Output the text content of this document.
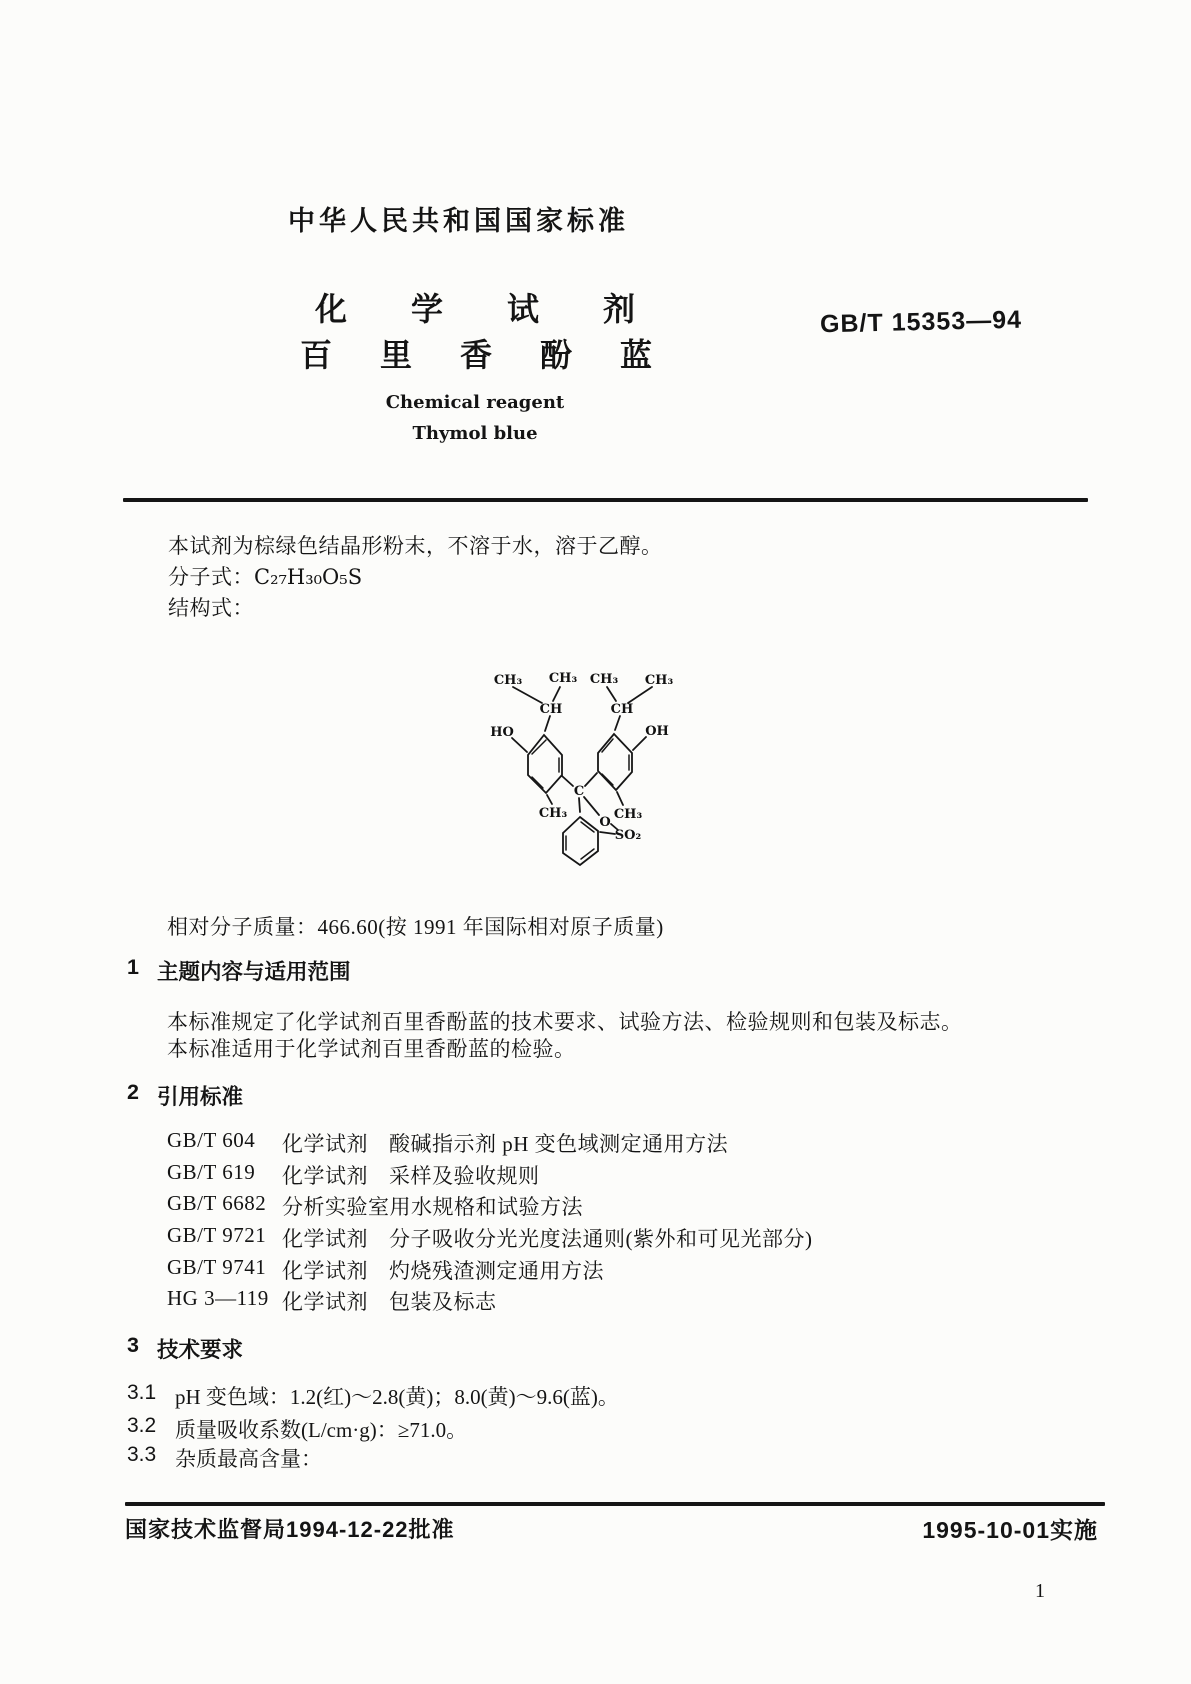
中华人民共和国国家标准
化学试剂
百里香酚蓝
GB/T 15353—94
Chemical reagent
Thymol blue
本试剂为棕绿色结晶形粉末，不溶于水，溶于乙醇。
分子式：C₂₇H₃₀O₅S
结构式：
CH₃ CH₃ CH₃ CH₃
CH	CH
HO	OH
C
CH₃
O
CH₃
SO₂
相对分子质量：466.60(按 1991 年国际相对原子质量)
1 主题内容与适用范围
本标准规定了化学试剂百里香酚蓝的技术要求、试验方法、检验规则和包装及标志。
本标准适用于化学试剂百里香酚蓝的检验。
2 引用标准
GB/T 604	化学试剂 酸碱指示剂 pH 变色域测定通用方法
GB/T 619	化学试剂 采样及验收规则
GB/T 6682 分析实验室用水规格和试验方法
GB/T 9721 化学试剂 分子吸收分光光度法通则(紫外和可见光部分)
GB/T 9741 化学试剂 灼烧残渣测定通用方法
HG 3—119 化学试剂 包装及标志
3 技术要求
3.1 pH 变色域：1.2(红)～2.8(黄)；8.0(黄)～9.6(蓝)。
3.2 质量吸收系数(L/cm·g)：≥71.0。
3.3 杂质最高含量：
国家技术监督局1994-12-22批准	1995-10-01实施
1
